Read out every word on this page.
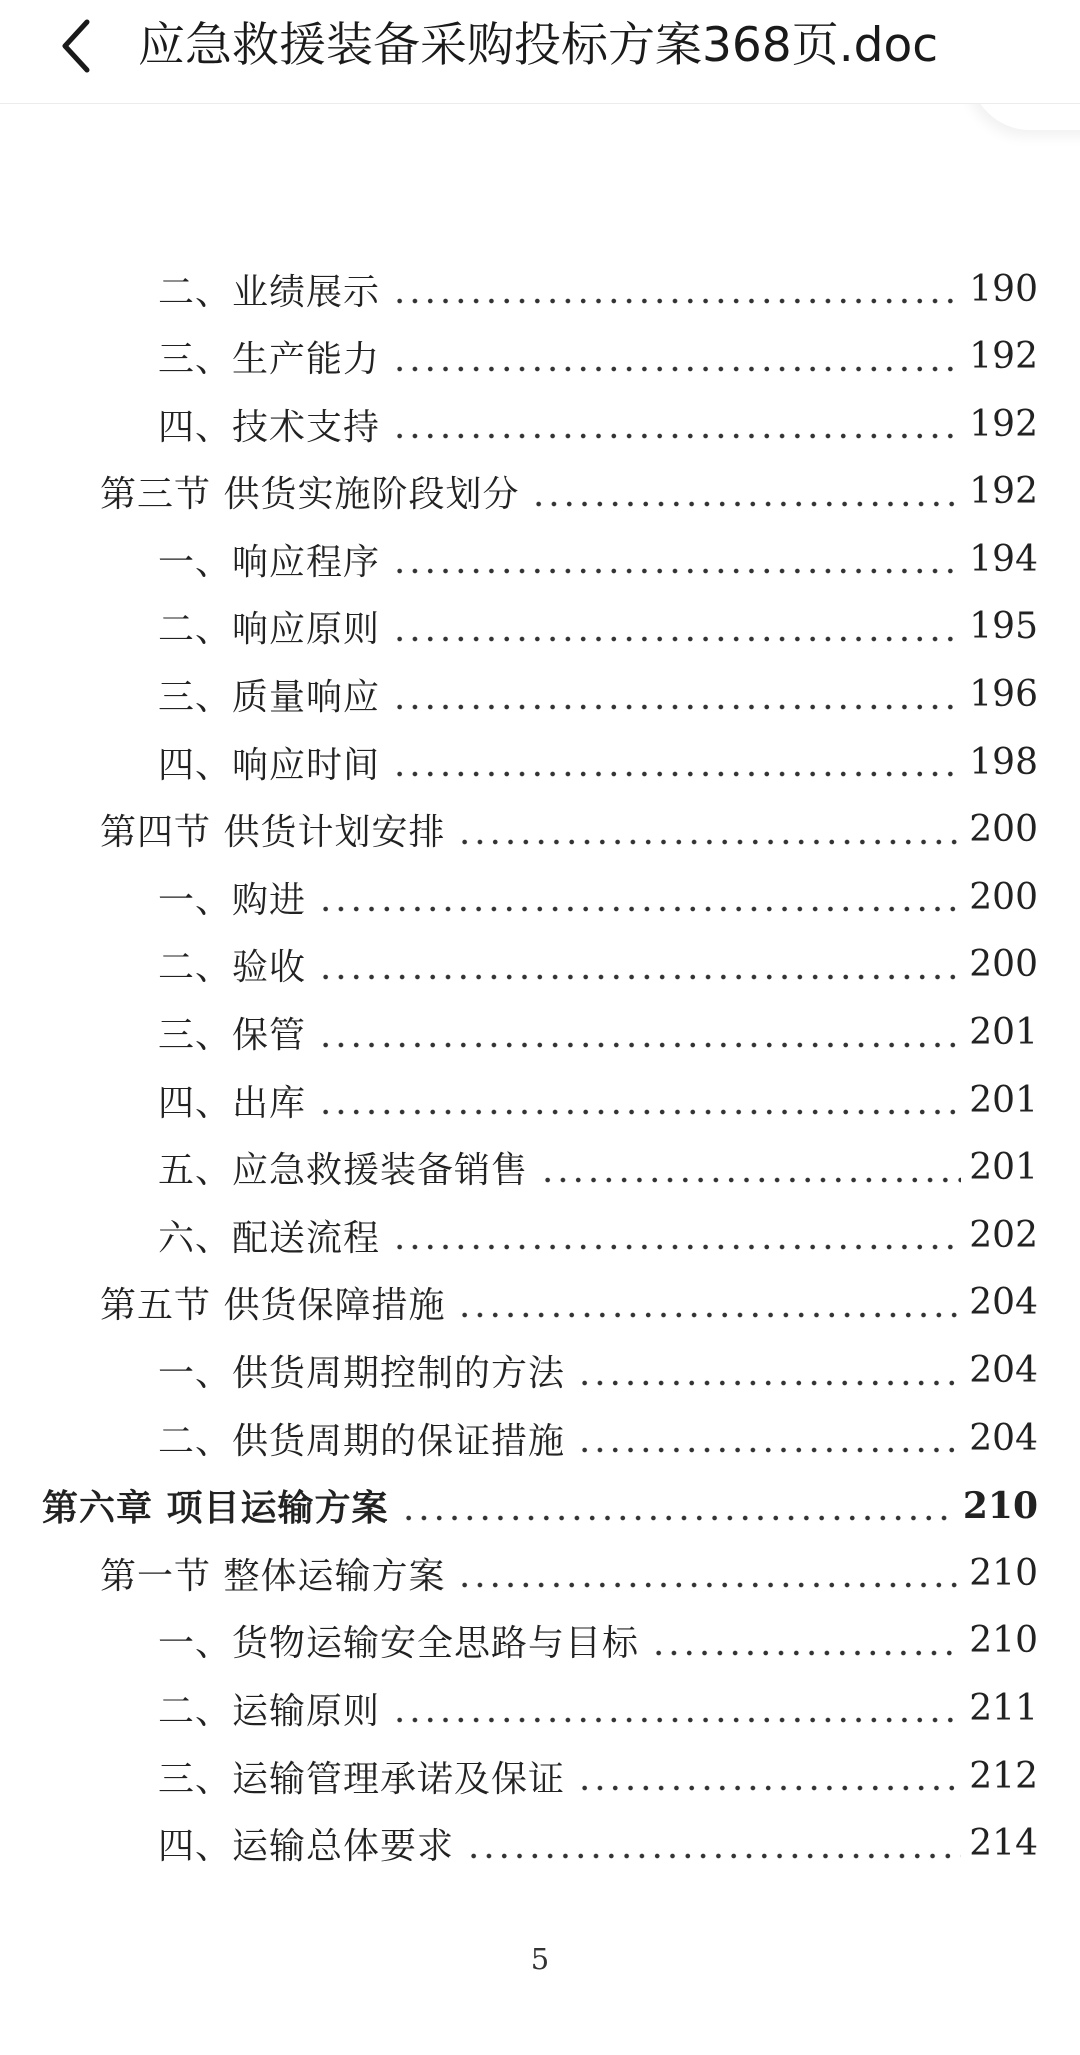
应急救援装备采购投标方案368页.doc
二、业绩展示	190
三、生产能力	192
四、技术支持	192
第三节 供货实施阶段划分	192
一、响应程序	194
二、响应原则	195
三、质量响应	196
四、响应时间	198
第四节 供货计划安排	200
一、购进	200
二、验收	200
三、保管	201
四、出库	201
五、应急救援装备销售	201
六、配送流程	202
第五节 供货保障措施	204
一、供货周期控制的方法	204
二、供货周期的保证措施	204
第六章 项目运输方案	210
第一节 整体运输方案	210
一、货物运输安全思路与目标	210
二、运输原则	211
三、运输管理承诺及保证	212
四、运输总体要求	214
5
